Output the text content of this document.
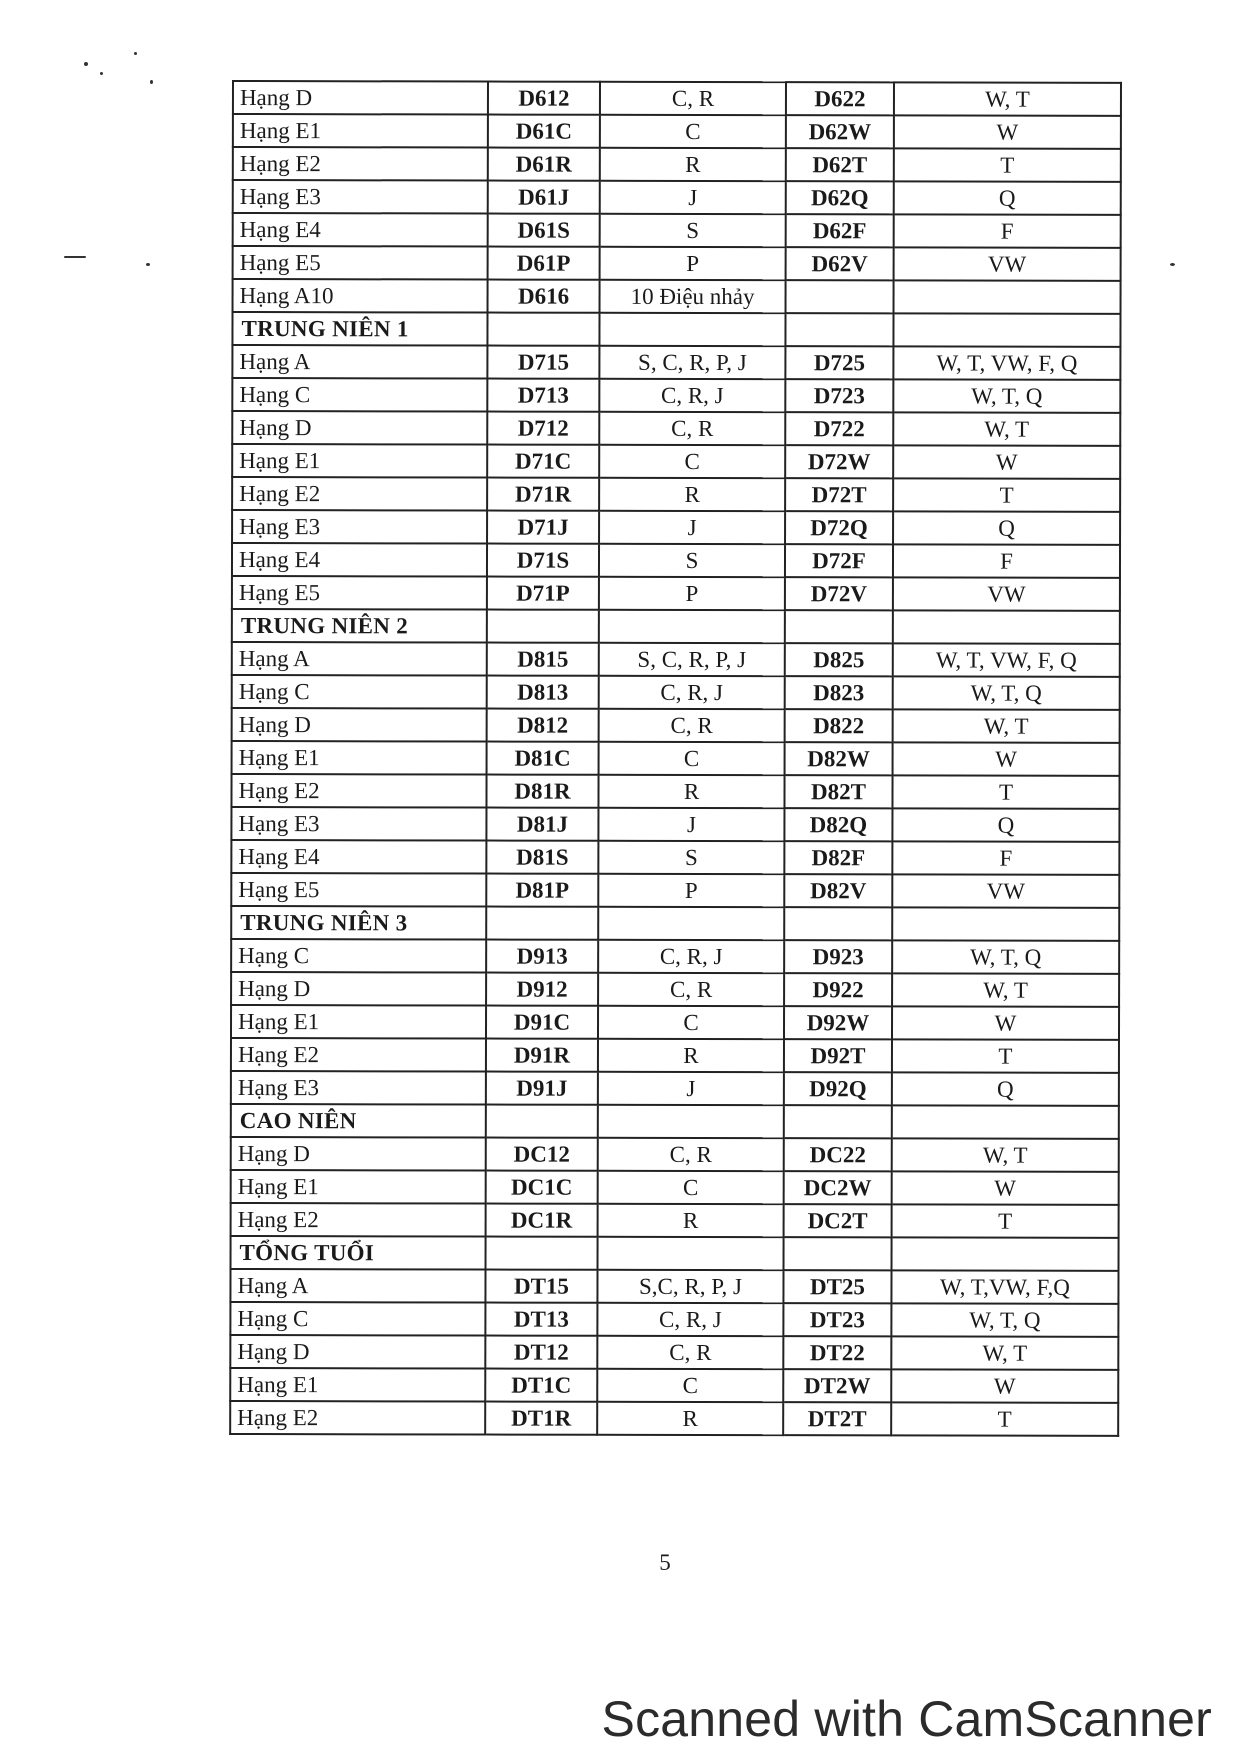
Hạng D	D612	C, R	D622	W, T
Hạng E1	D61C	C	D62W	W
Hạng E2	D61R	R	D62T	T
Hạng E3	D61J	J	D62Q	Q
Hạng E4	D61S	S	D62F	F
Hạng E5	D61P	P	D62V	VW
Hạng A10	D616	10 Điệu nhảy		
TRUNG NIÊN 1				
Hạng A	D715	S, C, R, P, J	D725	W, T, VW, F, Q
Hạng C	D713	C, R, J	D723	W, T, Q
Hạng D	D712	C, R	D722	W, T
Hạng E1	D71C	C	D72W	W
Hạng E2	D71R	R	D72T	T
Hạng E3	D71J	J	D72Q	Q
Hạng E4	D71S	S	D72F	F
Hạng E5	D71P	P	D72V	VW
TRUNG NIÊN 2				
Hạng A	D815	S, C, R, P, J	D825	W, T, VW, F, Q
Hạng C	D813	C, R, J	D823	W, T, Q
Hạng D	D812	C, R	D822	W, T
Hạng E1	D81C	C	D82W	W
Hạng E2	D81R	R	D82T	T
Hạng E3	D81J	J	D82Q	Q
Hạng E4	D81S	S	D82F	F
Hạng E5	D81P	P	D82V	VW
TRUNG NIÊN 3				
Hạng C	D913	C, R, J	D923	W, T, Q
Hạng D	D912	C, R	D922	W, T
Hạng E1	D91C	C	D92W	W
Hạng E2	D91R	R	D92T	T
Hạng E3	D91J	J	D92Q	Q
CAO NIÊN				
Hạng D	DC12	C, R	DC22	W, T
Hạng E1	DC1C	C	DC2W	W
Hạng E2	DC1R	R	DC2T	T
TỔNG TUỔI				
Hạng A	DT15	S,C, R, P, J	DT25	W, T,VW, F,Q
Hạng C	DT13	C, R, J	DT23	W, T, Q
Hạng D	DT12	C, R	DT22	W, T
Hạng E1	DT1C	C	DT2W	W
Hạng E2	DT1R	R	DT2T	T
5
Scanned with CamScanner
